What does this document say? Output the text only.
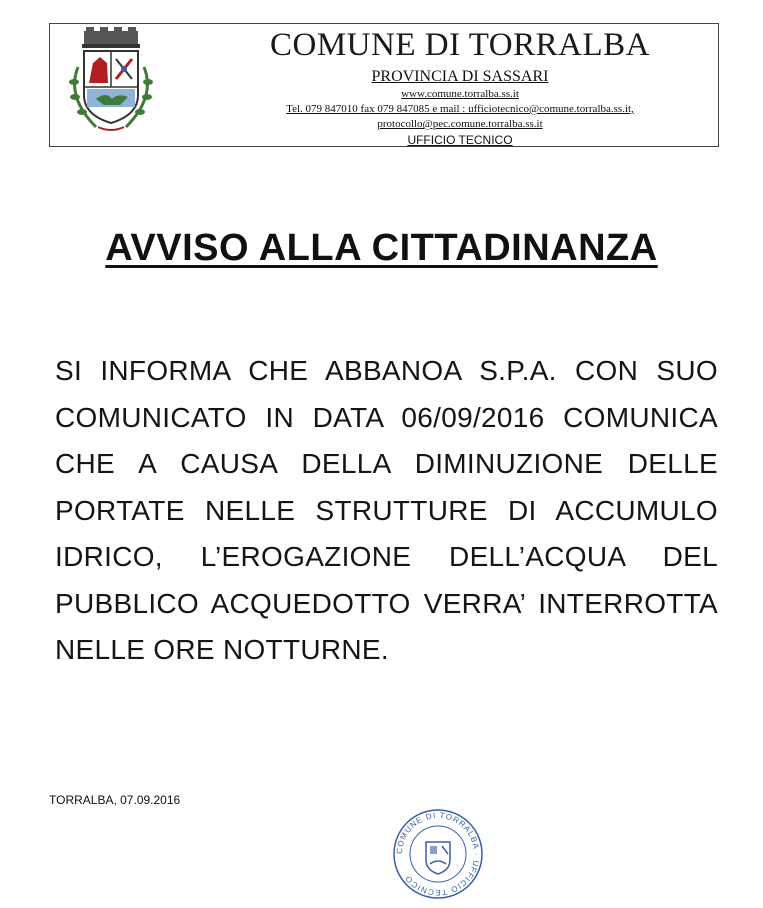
COMUNE DI TORRALBA
PROVINCIA DI SASSARI
www.comune.torralba.ss.it
Tel. 079 847010 fax 079 847085 e mail : ufficiotecnico@comune.torralba.ss.it,
protocollo@pec.comune.torralba.ss.it
UFFICIO TECNICO
AVVISO ALLA CITTADINANZA
SI INFORMA CHE ABBANOA S.P.A. CON SUO COMUNICATO IN DATA 06/09/2016 COMUNICA CHE A CAUSA DELLA DIMINUZIONE DELLE PORTATE NELLE STRUTTURE DI ACCUMULO IDRICO, L’EROGAZIONE DELL’ACQUA DEL PUBBLICO ACQUEDOTTO VERRA’ INTERROTTA NELLE ORE NOTTURNE.
TORRALBA, 07.09.2016
COMUNE DI TORRALBA · UFFICIO TECNICO
